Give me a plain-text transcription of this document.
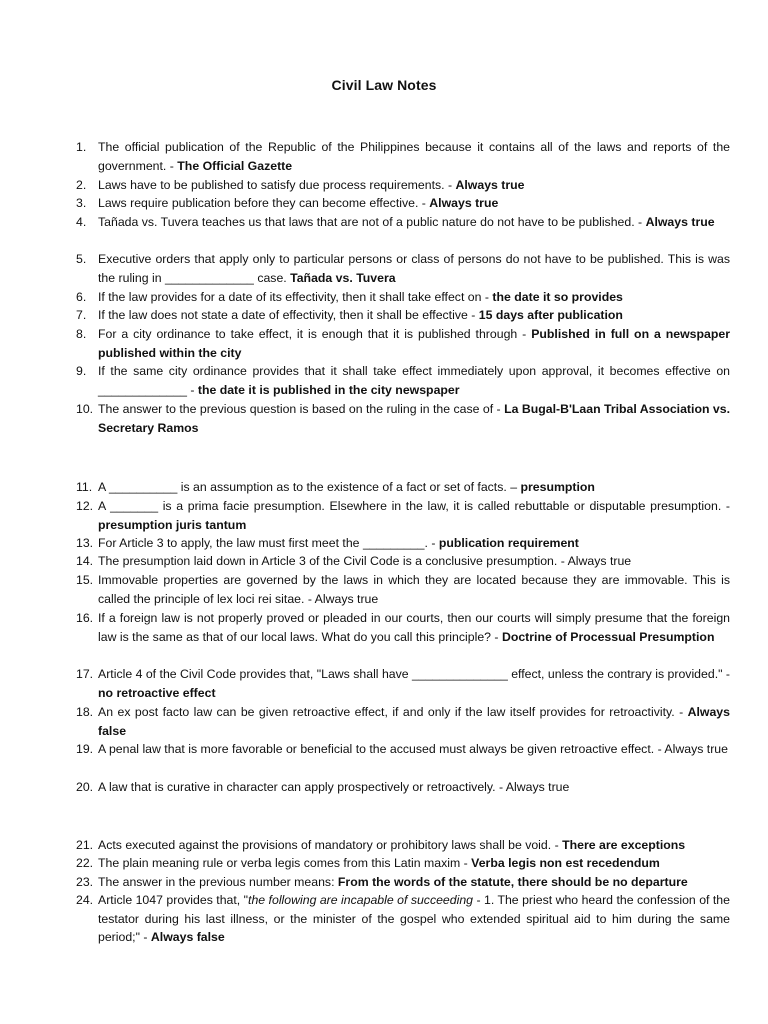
Civil Law Notes
1. The official publication of the Republic of the Philippines because it contains all of the laws and reports of the government. - The Official Gazette
2. Laws have to be published to satisfy due process requirements. - Always true
3. Laws require publication before they can become effective. - Always true
4. Tañada vs. Tuvera teaches us that laws that are not of a public nature do not have to be published. - Always true
5. Executive orders that apply only to particular persons or class of persons do not have to be published. This is was the ruling in _____________ case. Tañada vs. Tuvera
6. If the law provides for a date of its effectivity, then it shall take effect on - the date it so provides
7. If the law does not state a date of effectivity, then it shall be effective - 15 days after publication
8. For a city ordinance to take effect, it is enough that it is published through - Published in full on a newspaper published within the city
9. If the same city ordinance provides that it shall take effect immediately upon approval, it becomes effective on _____________ - the date it is published in the city newspaper
10. The answer to the previous question is based on the ruling in the case of - La Bugal-B'Laan Tribal Association vs. Secretary Ramos
11. A __________ is an assumption as to the existence of a fact or set of facts. – presumption
12. A _______ is a prima facie presumption. Elsewhere in the law, it is called rebuttable or disputable presumption. - presumption juris tantum
13. For Article 3 to apply, the law must first meet the _________. - publication requirement
14. The presumption laid down in Article 3 of the Civil Code is a conclusive presumption. - Always true
15. Immovable properties are governed by the laws in which they are located because they are immovable. This is called the principle of lex loci rei sitae. - Always true
16. If a foreign law is not properly proved or pleaded in our courts, then our courts will simply presume that the foreign law is the same as that of our local laws. What do you call this principle? - Doctrine of Processual Presumption
17. Article 4 of the Civil Code provides that, "Laws shall have ______________ effect, unless the contrary is provided." - no retroactive effect
18. An ex post facto law can be given retroactive effect, if and only if the law itself provides for retroactivity. - Always false
19. A penal law that is more favorable or beneficial to the accused must always be given retroactive effect. - Always true
20. A law that is curative in character can apply prospectively or retroactively. - Always true
21. Acts executed against the provisions of mandatory or prohibitory laws shall be void. - There are exceptions
22. The plain meaning rule or verba legis comes from this Latin maxim - Verba legis non est recedendum
23. The answer in the previous number means: From the words of the statute, there should be no departure
24. Article 1047 provides that, "the following are incapable of succeeding - 1. The priest who heard the confession of the testator during his last illness, or the minister of the gospel who extended spiritual aid to him during the same period;" - Always false
